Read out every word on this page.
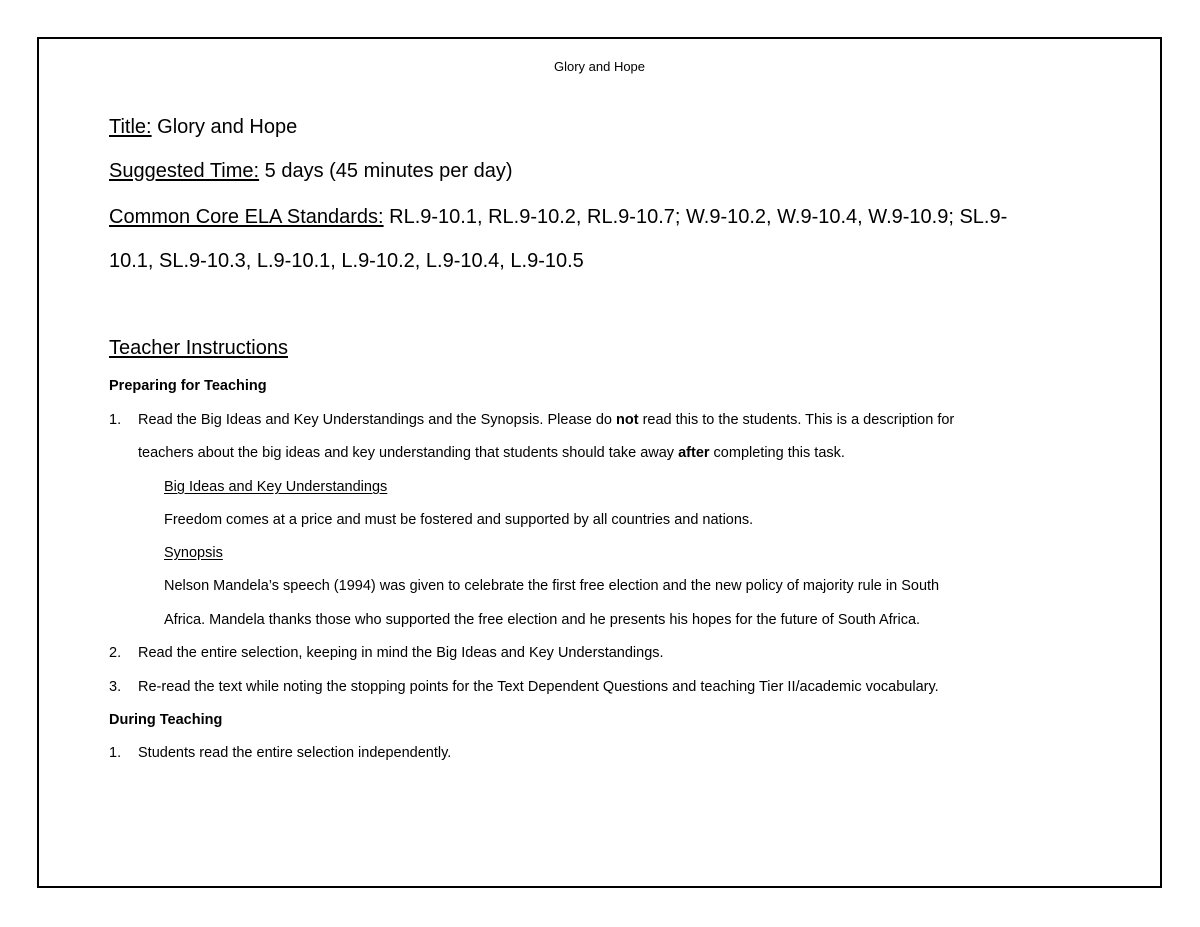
Glory and Hope
Title: Glory and Hope
Suggested Time: 5 days (45 minutes per day)
Common Core ELA Standards: RL.9-10.1, RL.9-10.2, RL.9-10.7; W.9-10.2, W.9-10.4, W.9-10.9; SL.9-
10.1, SL.9-10.3, L.9-10.1, L.9-10.2, L.9-10.4, L.9-10.5
Teacher Instructions
Preparing for Teaching
1. Read the Big Ideas and Key Understandings and the Synopsis. Please do not read this to the students. This is a description for
teachers about the big ideas and key understanding that students should take away after completing this task.
Big Ideas and Key Understandings
Freedom comes at a price and must be fostered and supported by all countries and nations.
Synopsis
Nelson Mandela’s speech (1994) was given to celebrate the first free election and the new policy of majority rule in South
Africa. Mandela thanks those who supported the free election and he presents his hopes for the future of South Africa.
2. Read the entire selection, keeping in mind the Big Ideas and Key Understandings.
3. Re-read the text while noting the stopping points for the Text Dependent Questions and teaching Tier II/academic vocabulary.
During Teaching
1. Students read the entire selection independently.
